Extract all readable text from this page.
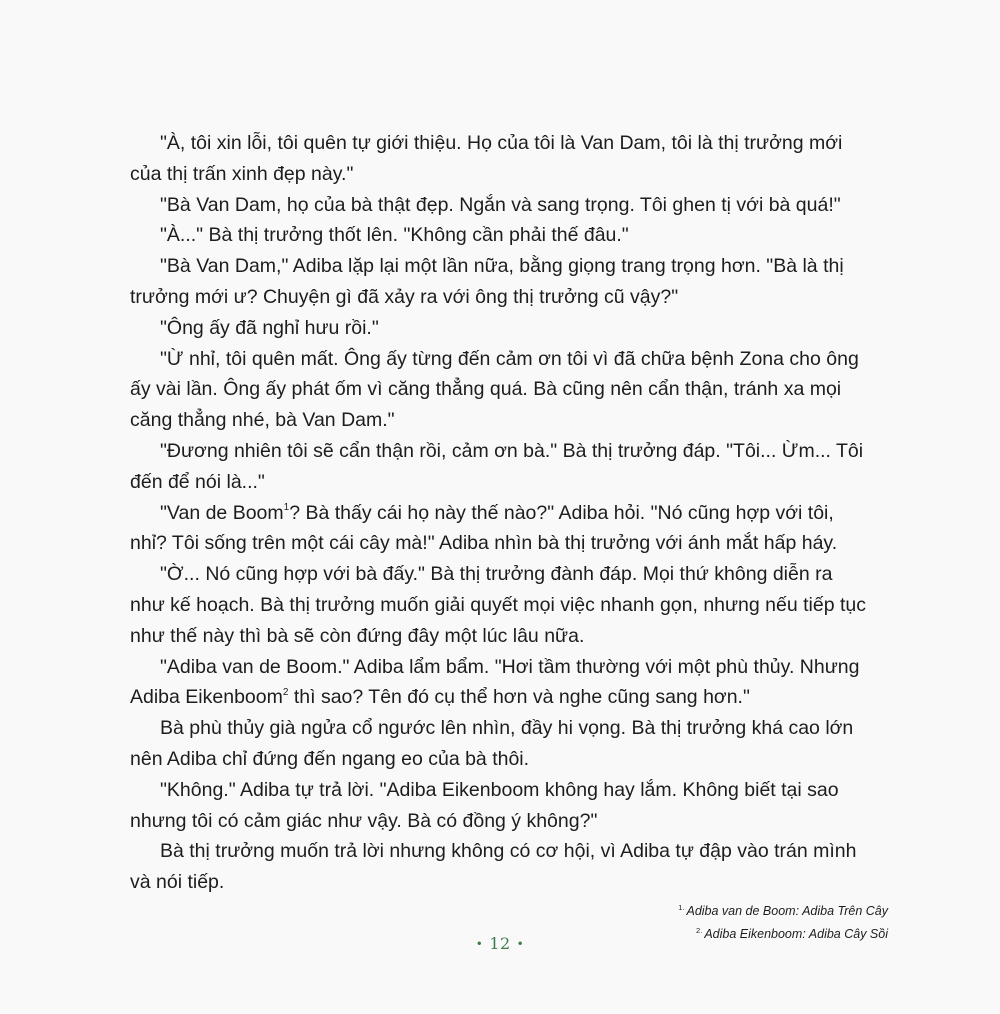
"À, tôi xin lỗi, tôi quên tự giới thiệu. Họ của tôi là Van Dam, tôi là thị trưởng mới của thị trấn xinh đẹp này."

"Bà Van Dam, họ của bà thật đẹp. Ngắn và sang trọng. Tôi ghen tị với bà quá!"

"À..." Bà thị trưởng thốt lên. "Không cần phải thế đâu."

"Bà Van Dam," Adiba lặp lại một lần nữa, bằng giọng trang trọng hơn. "Bà là thị trưởng mới ư? Chuyện gì đã xảy ra với ông thị trưởng cũ vậy?"

"Ông ấy đã nghỉ hưu rồi."

"Ừ nhỉ, tôi quên mất. Ông ấy từng đến cảm ơn tôi vì đã chữa bệnh Zona cho ông ấy vài lần. Ông ấy phát ốm vì căng thẳng quá. Bà cũng nên cẩn thận, tránh xa mọi căng thẳng nhé, bà Van Dam."

"Đương nhiên tôi sẽ cẩn thận rồi, cảm ơn bà." Bà thị trưởng đáp. "Tôi... Ừm... Tôi đến để nói là..."

"Van de Boom$^1$? Bà thấy cái họ này thế nào?" Adiba hỏi. "Nó cũng hợp với tôi, nhỉ? Tôi sống trên một cái cây mà!" Adiba nhìn bà thị trưởng với ánh mắt hấp háy.

"Ờ... Nó cũng hợp với bà đấy." Bà thị trưởng đành đáp. Mọi thứ không diễn ra như kế hoạch. Bà thị trưởng muốn giải quyết mọi việc nhanh gọn, nhưng nếu tiếp tục như thế này thì bà sẽ còn đứng đây một lúc lâu nữa.

"Adiba van de Boom." Adiba lẩm bẩm. "Hơi tầm thường với một phù thủy. Nhưng Adiba Eikenboom$^2$ thì sao? Tên đó cụ thể hơn và nghe cũng sang hơn."

Bà phù thủy già ngửa cổ ngước lên nhìn, đầy hi vọng. Bà thị trưởng khá cao lớn nên Adiba chỉ đứng đến ngang eo của bà thôi.

"Không." Adiba tự trả lời. "Adiba Eikenboom không hay lắm. Không biết tại sao nhưng tôi có cảm giác như vậy. Bà có đồng ý không?"

Bà thị trưởng muốn trả lời nhưng không có cơ hội, vì Adiba tự đập vào trán mình và nói tiếp.

$^{1.}$ Adiba van de Boom: Adiba Trên Cây
$^{2.}$ Adiba Eikenboom: Adiba Cây Sồi
• 12 •
